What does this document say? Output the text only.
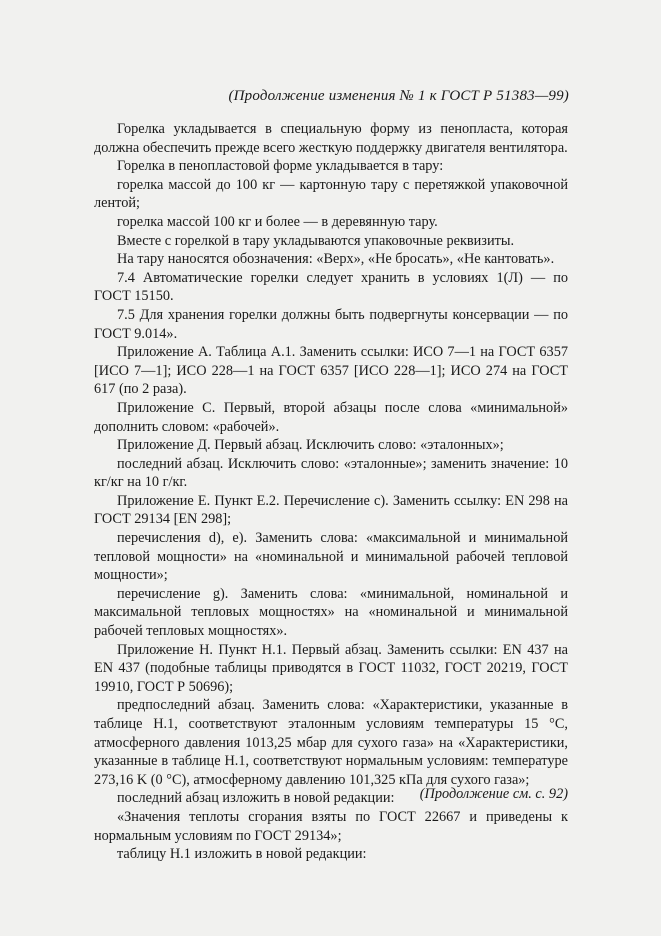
(Продолжение изменения № 1 к ГОСТ Р 51383—99)

Горелка укладывается в специальную форму из пенопласта, которая должна обеспечить прежде всего жесткую поддержку двигателя вентилятора.

Горелка в пенопластовой форме укладывается в тару:

горелка массой до 100 кг — картонную тару с перетяжкой упаковочной лентой;

горелка массой 100 кг и более — в деревянную тару.

Вместе с горелкой в тару укладываются упаковочные реквизиты.

На тару наносятся обозначения: «Верх», «Не бросать», «Не кантовать».

7.4 Автоматические горелки следует хранить в условиях 1(Л) — по ГОСТ 15150.

7.5 Для хранения горелки должны быть подвергнуты консервации — по ГОСТ 9.014».

Приложение А. Таблица А.1. Заменить ссылки: ИСО 7—1 на ГОСТ 6357 [ИСО 7—1]; ИСО 228—1 на ГОСТ 6357 [ИСО 228—1]; ИСО 274 на ГОСТ 617 (по 2 раза).

Приложение С. Первый, второй абзацы после слова «минимальной» дополнить словом: «рабочей».

Приложение Д. Первый абзац. Исключить слово: «эталонных»;

последний абзац. Исключить слово: «эталонные»; заменить значение: 10 кг/кг на 10 г/кг.

Приложение Е. Пункт Е.2. Перечисление с). Заменить ссылку: EN 298 на ГОСТ 29134 [EN 298];

перечисления d), е). Заменить слова: «максимальной и минимальной тепловой мощности» на «номинальной и минимальной рабочей тепловой мощности»;

перечисление g). Заменить слова: «минимальной, номинальной и максимальной тепловых мощностях» на «номинальной и минимальной рабочей тепловых мощностях».

Приложение Н. Пункт Н.1. Первый абзац. Заменить ссылки: EN 437 на EN 437 (подобные таблицы приводятся в ГОСТ 11032, ГОСТ 20219, ГОСТ 19910, ГОСТ Р 50696);

предпоследний абзац. Заменить слова: «Характеристики, указанные в таблице Н.1, соответствуют эталонным условиям температуры 15 °С, атмосферного давления 1013,25 мбар для сухого газа» на «Характеристики, указанные в таблице Н.1, соответствуют нормальным условиям: температуре 273,16 K (0 °С), атмосферному давлению 101,325 кПа для сухого газа»;

последний абзац изложить в новой редакции:

«Значения теплоты сгорания взяты по ГОСТ 22667 и приведены к нормальным условиям по ГОСТ 29134»;

таблицу Н.1 изложить в новой редакции:

(Продолжение см. с. 92)
